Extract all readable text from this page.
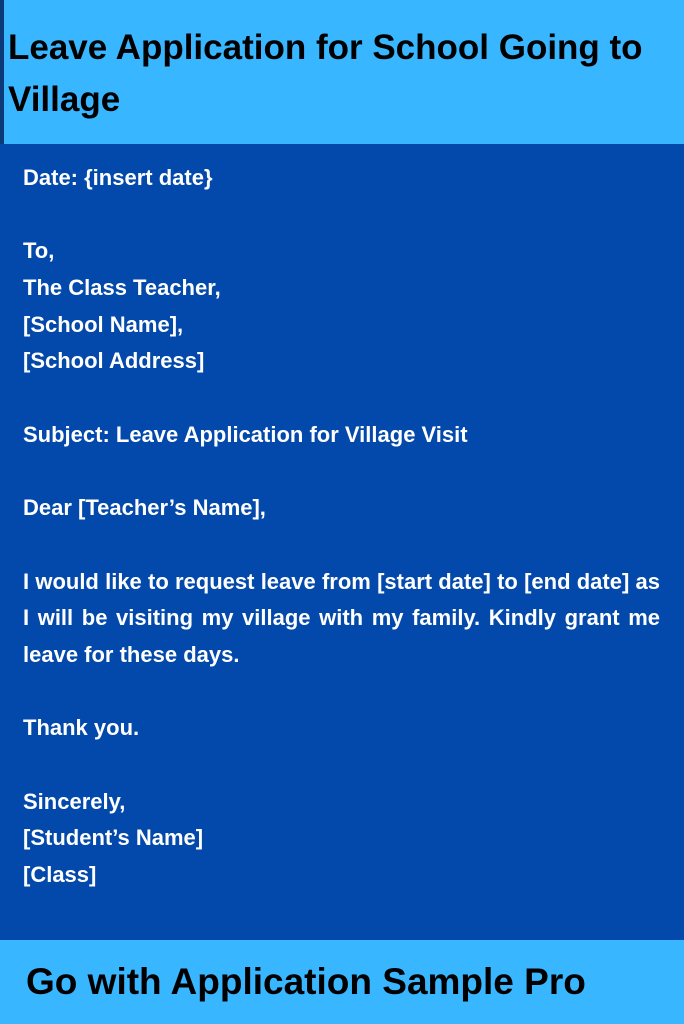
Leave Application for School Going to Village
Date: {insert date}
To,
The Class Teacher,
[School Name],
[School Address]
Subject: Leave Application for Village Visit
Dear [Teacher’s Name],
I would like to request leave from [start date] to [end date] as I will be visiting my village with my family. Kindly grant me leave for these days.
Thank you.
Sincerely,
[Student’s Name]
[Class]

Go with Application Sample Pro
